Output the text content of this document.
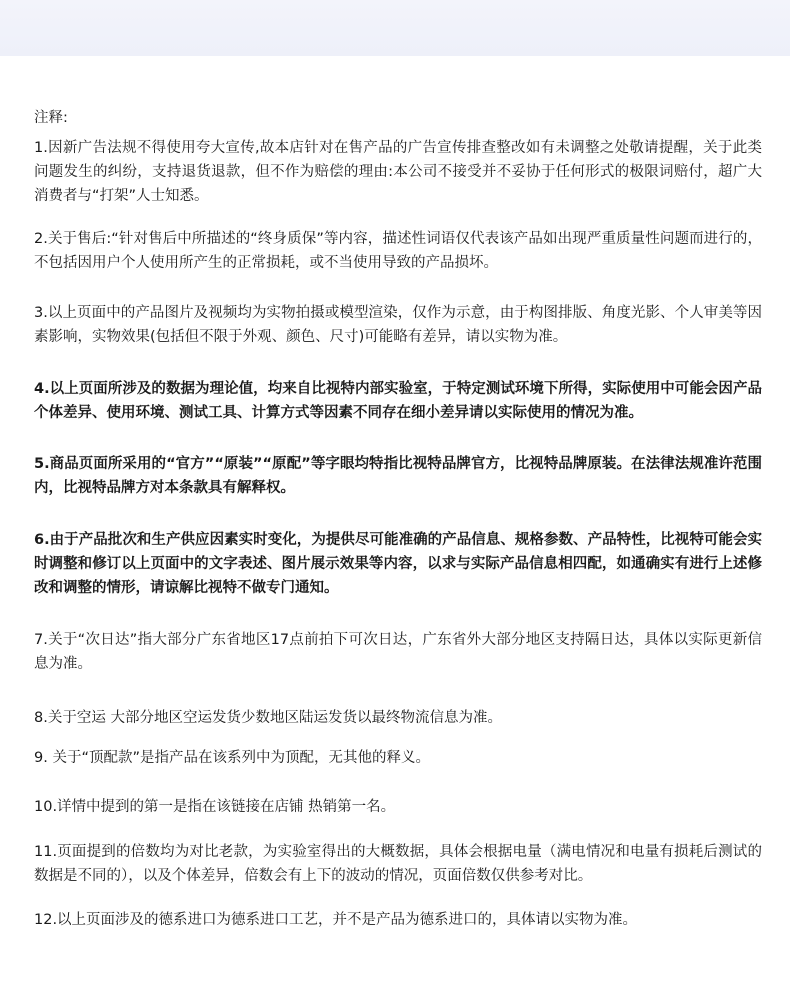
注释:

1.因新广告法规不得使用夸大宣传,故本店针对在售产品的广告宣传排查整改如有未调整之处敬请提醒，关于此类问题发生的纠纷，支持退货退款，但不作为赔偿的理由:本公司不接受并不妥协于任何形式的极限词赔付，超广大消费者与“打架”人士知悉。
2.关于售后:“针对售后中所描述的“终身质保”等内容，描述性词语仅代表该产品如出现严重质量性问题而进行的，不包括因用户个人使用所产生的正常损耗，或不当使用导致的产品损坏。
3.以上页面中的产品图片及视频均为实物拍摄或模型渲染，仅作为示意，由于构图排版、角度光影、个人审美等因素影响，实物效果(包括但不限于外观、颜色、尺寸)可能略有差异，请以实物为准。
4.以上页面所涉及的数据为理论值，均来自比视特内部实验室，于特定测试环境下所得，实际使用中可能会因产品个体差异、使用环境、测试工具、计算方式等因素不同存在细小差异请以实际使用的情况为准。
5.商品页面所采用的“官方”“原装”“原配”等字眼均特指比视特品牌官方，比视特品牌原装。在法律法规准许范围内，比视特品牌方对本条款具有解释权。
6.由于产品批次和生产供应因素实时变化，为提供尽可能准确的产品信息、规格参数、产品特性，比视特可能会实时调整和修订以上页面中的文字表述、图片展示效果等内容，以求与实际产品信息相四配，如通确实有进行上述修改和调整的情形，请谅解比视特不做专门通知。
7.关于“次日达”指大部分广东省地区17点前拍下可次日达，广东省外大部分地区支持隔日达，具体以实际更新信息为准。
8.关于空运 大部分地区空运发货少数地区陆运发货以最终物流信息为准。
9. 关于“顶配款”是指产品在该系列中为顶配，无其他的释义。
10.详情中提到的第一是指在该链接在店铺 热销第一名。
11.页面提到的倍数均为对比老款，为实验室得出的大概数据，具体会根据电量（满电情况和电量有损耗后测试的数据是不同的），以及个体差异，倍数会有上下的波动的情况，页面倍数仅供参考对比。
12.以上页面涉及的德系进口为德系进口工艺，并不是产品为德系进口的，具体请以实物为准。
